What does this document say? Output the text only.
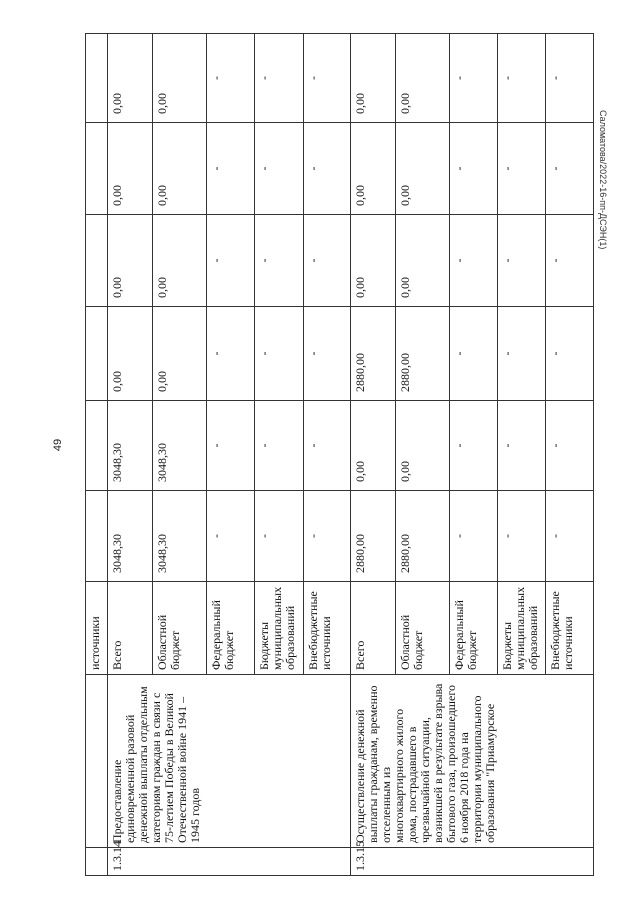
49
Саломатова/2022-16-пп-ДСЭН(1)
		источники						
1.3.14	Предоставление единовременной разовой денежной выплаты отдельным категориям граждан в связи с 75-летием Победы в Великой Отечественной войне 1941 – 1945 годов	Всего	3048,30	3048,30	0,00	0,00	0,00	0,00
		Областной бюджет	3048,30	3048,30	0,00	0,00	0,00	0,00
		Федеральный бюджет	-	-	-	-	-	-
		Бюджеты муниципальных образований	-	-	-	-	-	-
		Внебюджетные источники	-	-	-	-	-	-
1.3.15	Осуществление денежной выплаты гражданам, временно отселенным из многоквартирного жилого дома, пострадавшего в чрезвычайной ситуации, возникшей в результате взрыва бытового газа, произошедшего 6 ноября 2018 года на территории муниципального образования "Приамурское	Всего	2880,00	0,00	2880,00	0,00	0,00	0,00
		Областной бюджет	2880,00	0,00	2880,00	0,00	0,00	0,00
		Федеральный бюджет	-	-	-	-	-	-
		Бюджеты муниципальных образований	-	-	-	-	-	-
		Внебюджетные источники	-	-	-	-	-	-
